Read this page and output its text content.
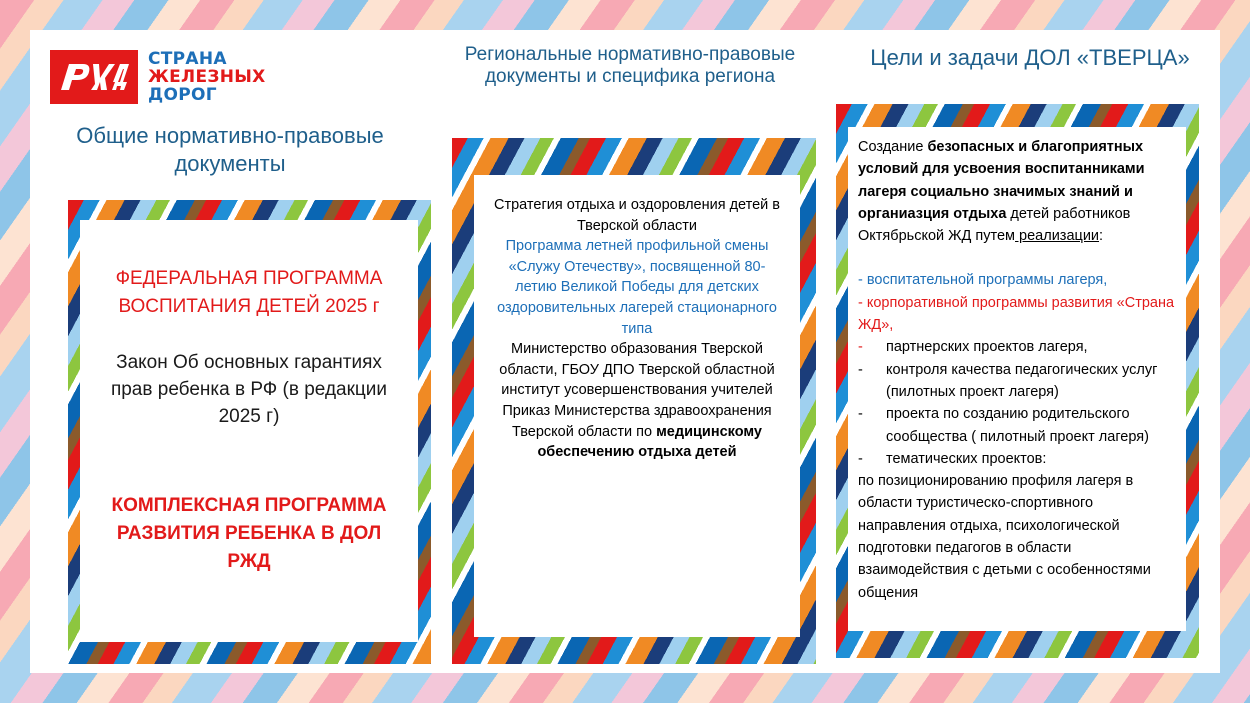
СТРАНА
ЖЕЛЕЗНЫХ
ДОРОГ
Общие нормативно-правовые документы
Региональные нормативно-правовые документы и специфика региона
Цели и задачи ДОЛ «ТВЕРЦА»
ФЕДЕРАЛЬНАЯ ПРОГРАММА ВОСПИТАНИЯ ДЕТЕЙ 2025 г
Закон Об основных гарантиях прав ребенка в РФ (в редакции 2025 г)
КОМПЛЕКСНАЯ ПРОГРАММА РАЗВИТИЯ РЕБЕНКА В ДОЛ РЖД
Стратегия отдыха и оздоровления детей в Тверской области
Программа летней профильной смены «Служу Отечеству», посвященной 80-летию Великой Победы для детских оздоровительных лагерей стационарного типа
Министерство образования Тверской области, ГБОУ ДПО Тверской областной институт усовершенствования учителей
Приказ Министерства здравоохранения Тверской области по медицинскому обеспечению отдыха детей
Создание безопасных и благоприятных условий для усвоения воспитанниками лагеря социально значимых знаний и органиазция отдыха детей работников Октябрьской ЖД путем реализации:
- воспитательной программы лагеря,
- корпоративной программы развития «Страна ЖД»,
-	партнерских проектов лагеря,
-	контроля качества педагогических услуг (пилотных проект лагеря)
-	проекта по созданию родительского сообщества ( пилотный проект лагеря)
-	тематических проектов:
по позиционированию профиля лагеря в области туристическо-спортивного направления отдыха, психологической подготовки педагогов в области взаимодействия с детьми с особенностями общения
